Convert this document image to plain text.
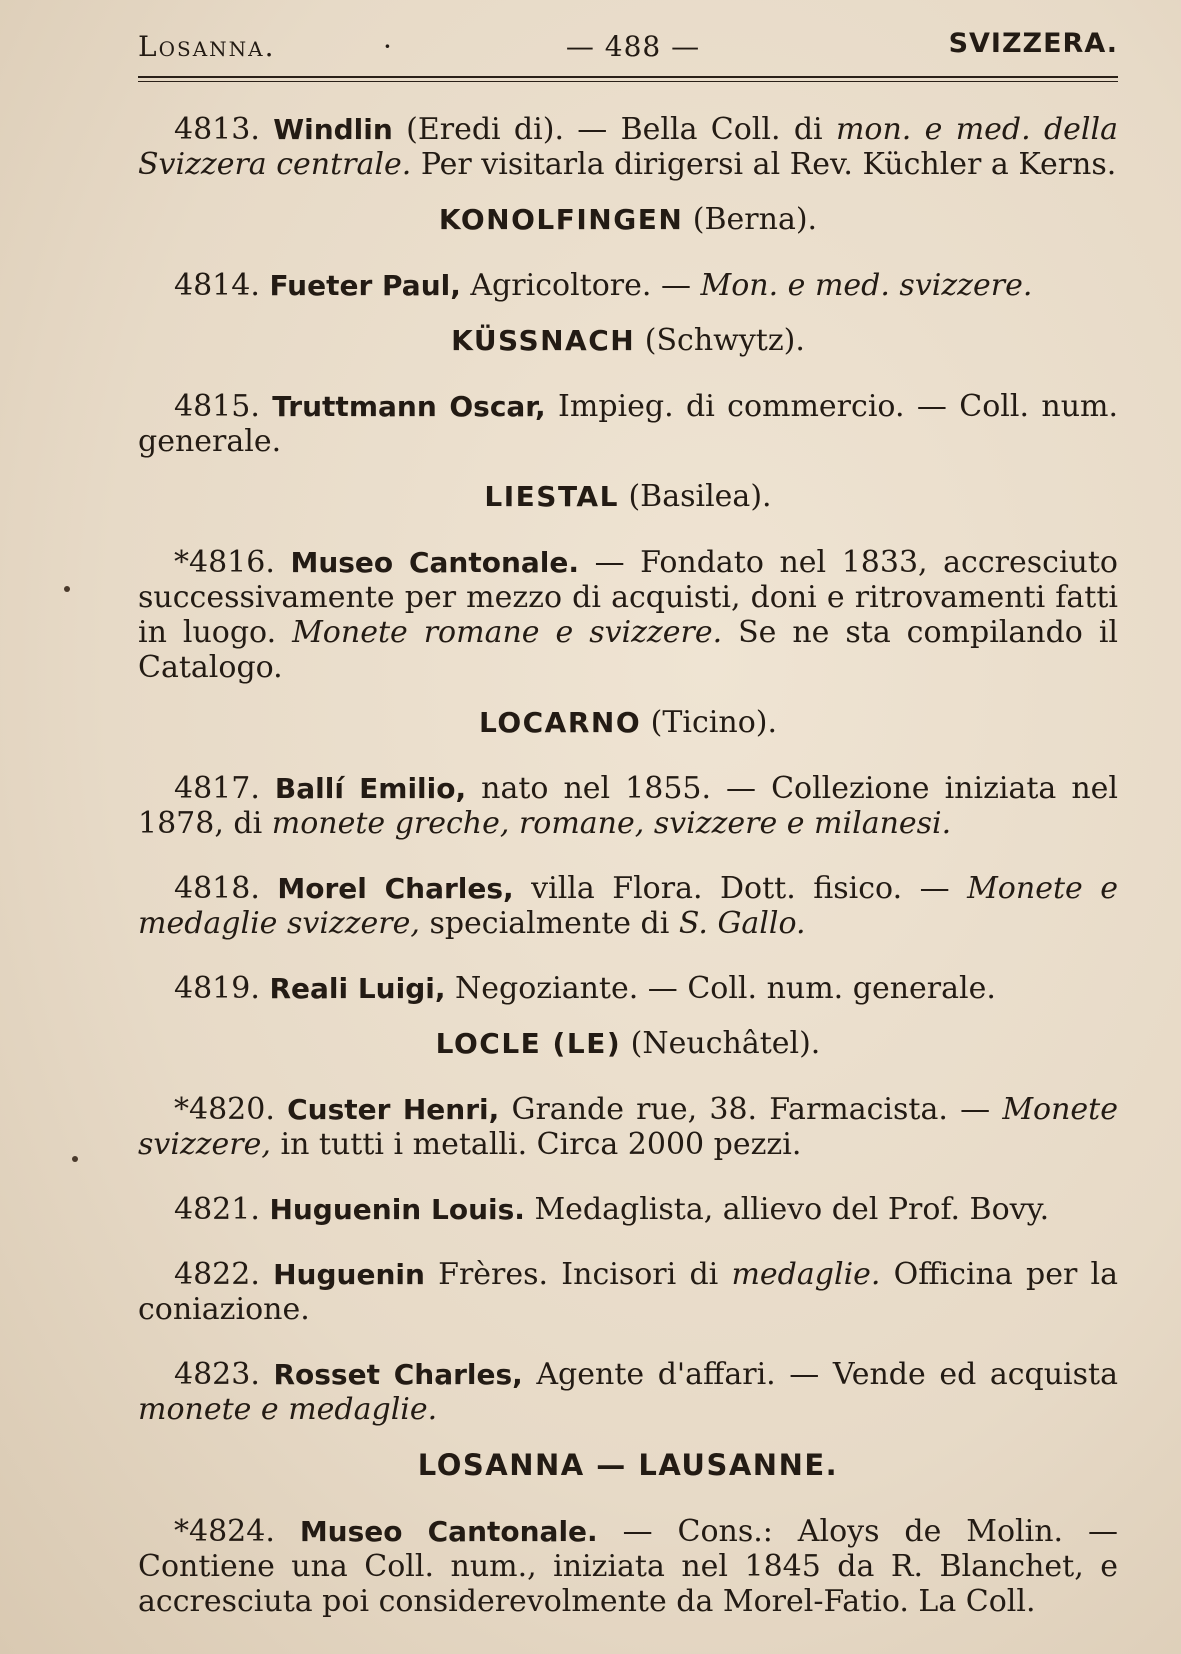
Losanna.	·	— 488 —	SVIZZERA.

4813. Windlin (Eredi di). — Bella Coll. di mon. e med. della Svizzera centrale. Per visitarla dirigersi al Rev. Küchler a Kerns.

KONOLFINGEN (Berna).

4814. Fueter Paul, Agricoltore. — Mon. e med. svizzere.

KÜSSNACH (Schwytz).

4815. Truttmann Oscar, Impieg. di commercio. — Coll. num. generale.

LIESTAL (Basilea).

*4816. Museo Cantonale. — Fondato nel 1833, accresciuto successivamente per mezzo di acquisti, doni e ritrovamenti fatti in luogo. Monete romane e svizzere. Se ne sta compilando il Catalogo.

LOCARNO (Ticino).

4817. Ballí Emilio, nato nel 1855. — Collezione iniziata nel 1878, di monete greche, romane, svizzere e milanesi.

4818. Morel Charles, villa Flora. Dott. fisico. — Monete e medaglie svizzere, specialmente di S. Gallo.

4819. Reali Luigi, Negoziante. — Coll. num. generale.

LOCLE (LE) (Neuchâtel).

*4820. Custer Henri, Grande rue, 38. Farmacista. — Monete svizzere, in tutti i metalli. Circa 2000 pezzi.

4821. Huguenin Louis. Medaglista, allievo del Prof. Bovy.

4822. Huguenin Frères. Incisori di medaglie. Officina per la coniazione.

4823. Rosset Charles, Agente d'affari. — Vende ed acquista monete e medaglie.

LOSANNA — LAUSANNE.

*4824. Museo Cantonale. — Cons.: Aloys de Molin. — Contiene una Coll. num., iniziata nel 1845 da R. Blanchet, e accresciuta poi considerevolmente da Morel-Fatio. La Coll.
